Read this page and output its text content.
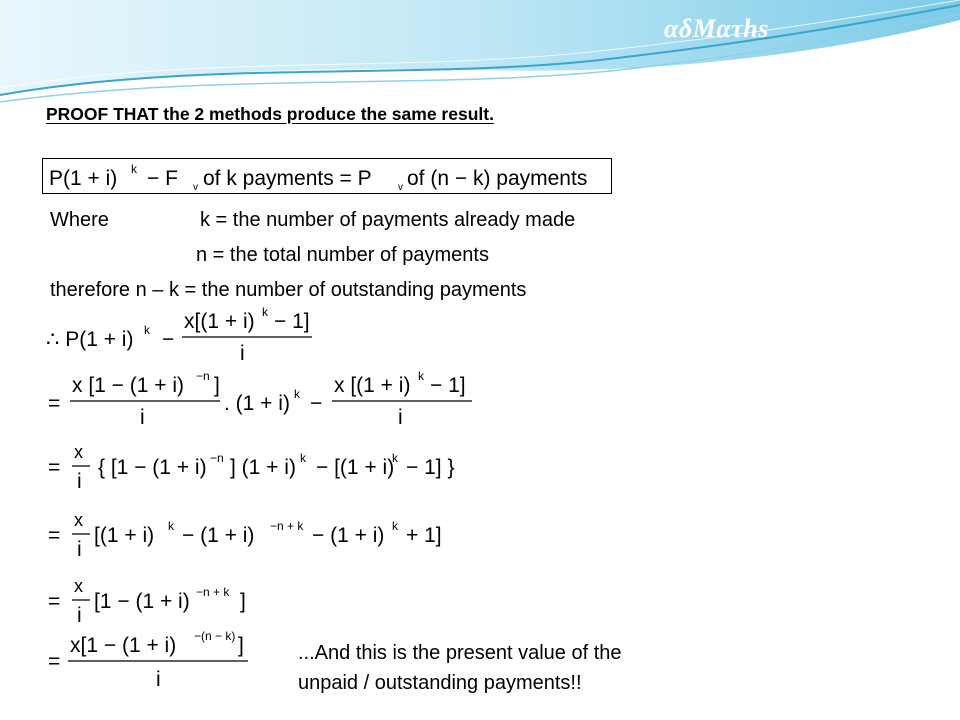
αδMατhs
PROOF THAT the 2 methods produce the same result.
P(1 + i) k − F v of k payments = P	v of (n − k) payments
Where	k = the number of payments already made
n = the total number of payments
therefore n – k = the number of outstanding payments
∴ P(1 + i) k −
x[(1 + i) k − 1]
i
=
x [1 − (1 + i) −n ]
i
. (1 + i) k −
x [(1 + i) k − 1]
i
=
x
i
{ [1 − (1 + i) −n ] (1 + i) k − [(1 + i)
k − 1] }
=
x
i
[(1 + i) k − (1 + i) −n + k − (1 + i) k + 1]
=
x
i
[1 − (1 + i) −n + k ]
=
x[1 − (1 + i) −(n − k) ]
i
...And this is the present value of the
unpaid / outstanding payments!!
